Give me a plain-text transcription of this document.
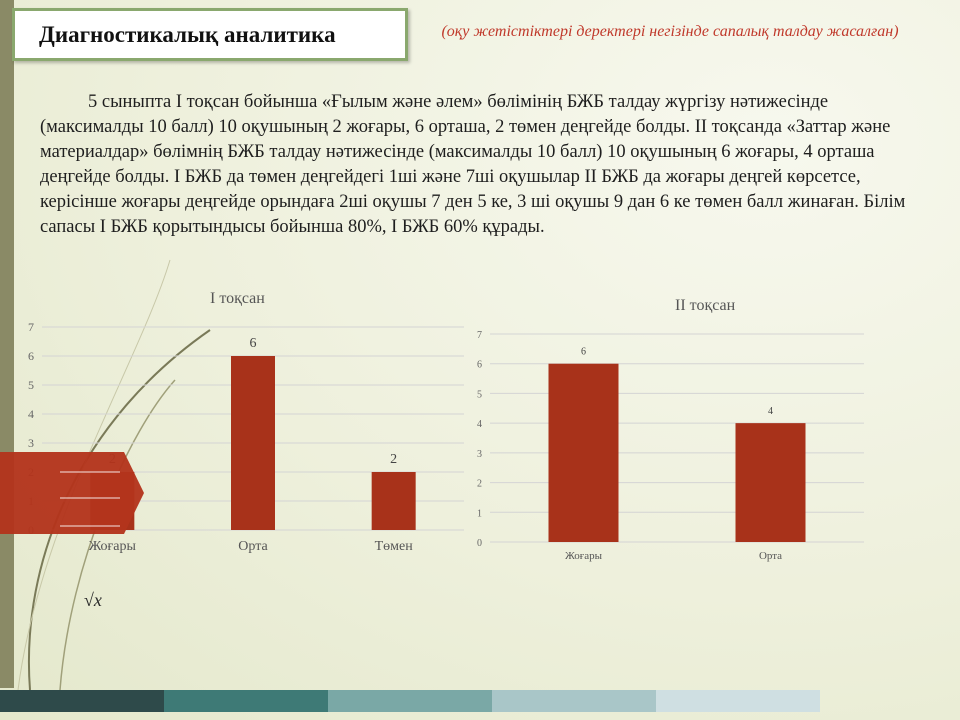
Диагностикалық аналитика	(оқу жетістіктері деректері негізінде сапалық талдау жасалған)
5 сыныпта І тоқсан бойынша «Ғылым және әлем» бөлімінің БЖБ талдау жүргізу нәтижесінде (максималды 10 балл) 10 оқушының 2 жоғары, 6 орташа, 2 төмен деңгейде болды. ІІ тоқсанда «Заттар және материалдар» бөлімнің БЖБ талдау нәтижесінде (максималды 10 балл) 10 оқушының 6 жоғары, 4 орташа деңгейде болды. І БЖБ да төмен деңгейдегі 1ші және 7ші оқушылар ІІ БЖБ да жоғары деңгей көрсетсе, керісінше жоғары деңгейде орындаға 2ші оқушы 7 ден 5 ке, 3 ші оқушы 9 дан 6 ке төмен балл жинаған. Білім сапасы І БЖБ қорытындысы бойынша 80%, І БЖБ 60% құрады.
І тоқсан
3
4
5
6
7
Жоғары
6
Орта
2
Төмен
ІІ тоқсан
0
1
2
3
4
5
6
7
6
Жоғары
4
Орта
√x
